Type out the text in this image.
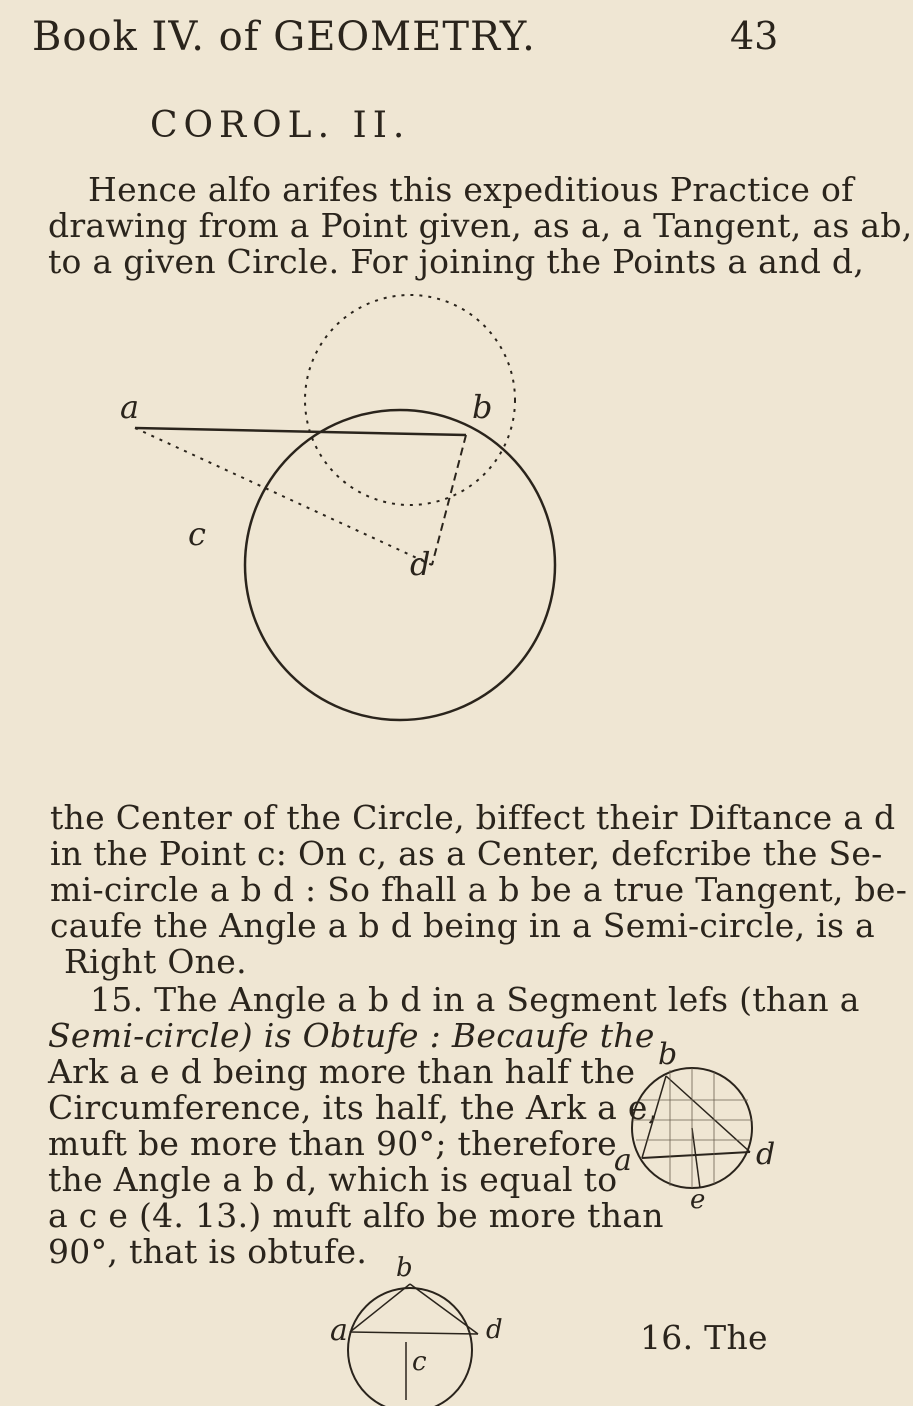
Book IV. of GEOMETRY.	43
COROL. II.
Hence alfo arifes this expeditious Practice of
drawing from a Point given, as a, a Tangent, as ab,
to a given Circle. For joining the Points a and d,
a	b
c
d
the Center of the Circle, biffect their Diftance a d
in the Point c: On c, as a Center, defcribe the Se-
mi-circle a b d : So fhall a b be a true Tangent, be-
caufe the Angle a b d being in a Semi-circle, is a
Right One.
15. The Angle a b d in a Segment lefs (than a
Semi-circle) is Obtufe : Becaufe the
Ark a e d being more than half the
Circumference, its half, the Ark a e,
muft be more than 90°; therefore
the Angle a b d, which is equal to
a c e (4. 13.) muft alfo be more than
90°, that is obtufe.
b
a	d
e
b
a	d
c
16. The
